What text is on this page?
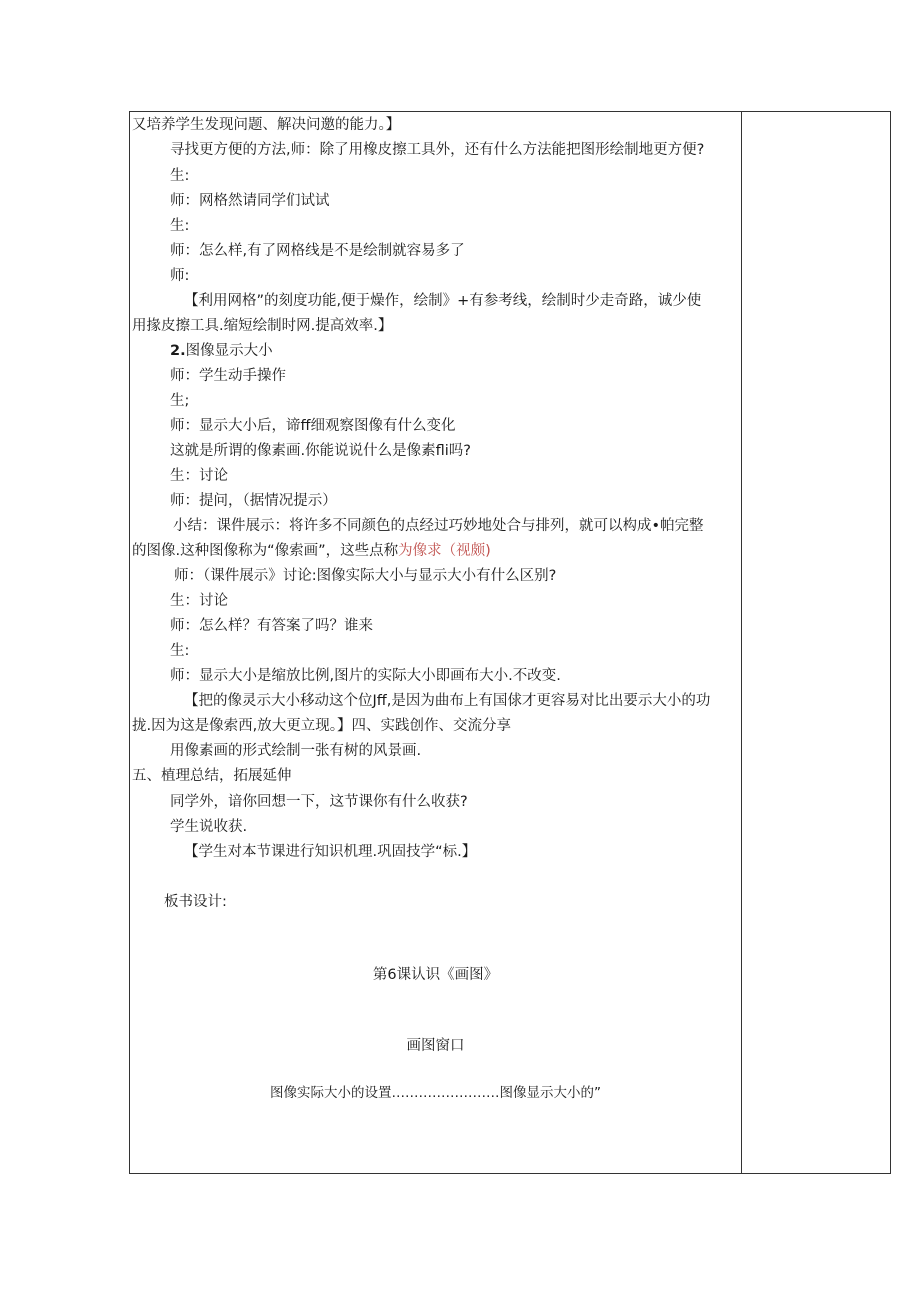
又培养学生发现问题、解决问邀的能力。】
寻找更方便的方法,师：除了用橡皮擦工具外，还有什么方法能把图形绘制地更方便?
生:
师：网格然请同学们试试
生:
师：怎么样,有了网格线是不是绘制就容易多了
师:
【利用网格”的刻度功能,便于燥作，绘制》+有参考线，绘制时少走奇路，诚少使
用掾皮擦工具.缩短绘制时网.提高效率.】
2.图像显示大小
师：学生动手操作
生;
师：显示大小后，谛ff细观察图像有什么变化
这就是所谓的像素画.你能说说什么是像素fli吗?
生：讨论
师：提问，（据情况提示）
小结：课件展示：将许多不同颜色的点经过巧妙地处合与排列，就可以构成•帕完整
的图像.这种图像称为“像索画”，这些点称为像求（视颇)
师：（课件展示》讨论:图像实际大小与显示大小有什么区别?
生：讨论
师：怎么样？有答案了吗？谁来
生:
师：显示大小是缩放比例,图片的实际大小即画布大小.不改变.
【把的像灵示大小移动这个位Jff,是因为曲布上有国俅才更容易对比出要示大小的功
拢.因为这是像索西,放大更立现。】四、实践创作、交流分享
用像素画的形式绘制一张有树的风景画.
五、植理总结，拓展延伸
同学外，谙你回想一下，这节课你有什么收获?
学生说收获.
【学生对本节课进行知识机理.巩固技学“标.】
板书设计:
第6课认识《画图》
画图窗口
图像实际大小的设置……………………图像显示大小的”
